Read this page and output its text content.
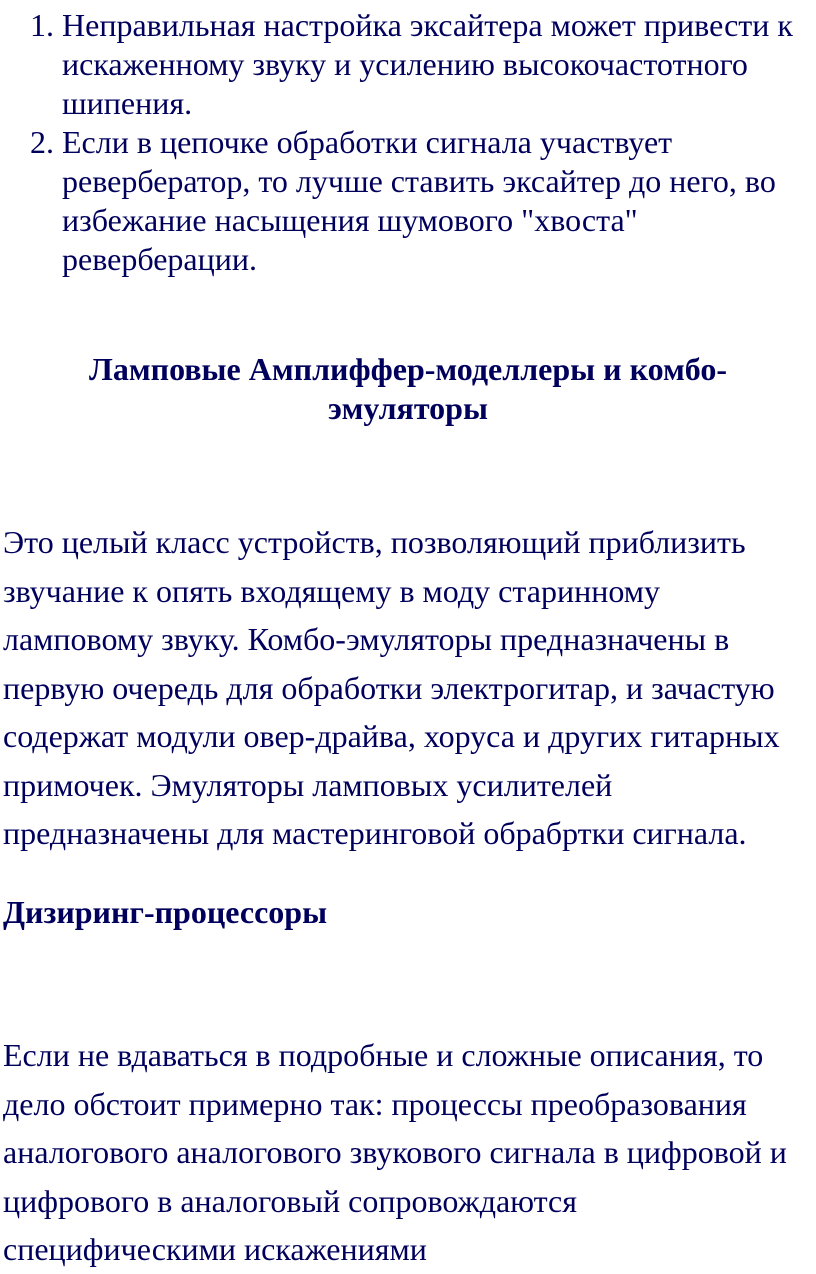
1. Неправильная настройка эксайтера может привести к искаженному звуку и усилению высокочастотного шипения.
2. Если в цепочке обработки сигнала участвует ревербератор, то лучше ставить эксайтер до него, во избежание насыщения шумового "хвоста" реверберации.
Ламповые Амплиффер-моделлеры и комбо-эмуляторы

Это целый класс устройств, позволяющий приблизить звучание к опять входящему в моду старинному ламповому звуку. Комбо-эмуляторы предназначены в первую очередь для обработки электрогитар, и зачастую содержат модули овер-драйва, хоруса и других гитарных примочек. Эмуляторы ламповых усилителей предназначены для мастеринговой обрабртки сигнала.

Дизиринг-процессоры

Если не вдаваться в подробные и сложные описания, то дело обстоит примерно так: процессы преобразования аналогового аналогового звукового сигнала в цифровой и цифрового в аналоговый сопровождаются специфическими искажениями
